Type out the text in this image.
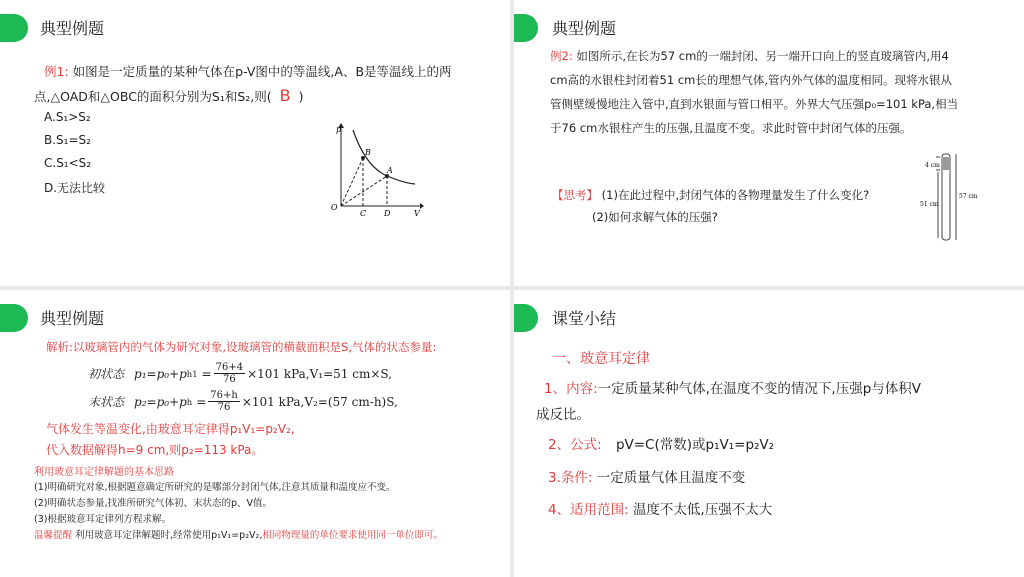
典型例题
例1: 如图是一定质量的某种气体在p-V图中的等温线,A、B是等温线上的两
点,△OAD和△OBC的面积分别为S₁和S₂,则( B )
A.S₁>S₂
B.S₁=S₂
C.S₁<S₂
D.无法比较
p
V
O
B
A
C D
典型例题
例2: 如图所示,在长为57 cm的一端封闭、另一端开口向上的竖直玻璃管内,用4
cm高的水银柱封闭着51 cm长的理想气体,管内外气体的温度相同。现将水银从
管侧壁缓慢地注入管中,直到水银面与管口相平。外界大气压强p₀=101 kPa,相当
于76 cm水银柱产生的压强,且温度不变。求此时管中封闭气体的压强。
【思考】 (1)在此过程中,封闭气体的各物理量发生了什么变化?
(2)如何求解气体的压强?
4 cm
57 cm
51 cm
典型例题
解析:以玻璃管内的气体为研究对象,设玻璃管的横截面积是S,气体的状态参量:
初状态 p₁=p₀+p $h1 = \frac{76+4}{76} \times 101$ kPa,V₁=51 cm×S,
末状态 p₂=p₀+p $h = \frac{76+h}{76} \times 101$ kPa,V₂=(57 cm-h)S,
气体发生等温变化,由玻意耳定律得p₁V₁=p₂V₂,
代入数据解得h=9 cm,则p₂=113 kPa。
利用玻意耳定律解题的基本思路
(1)明确研究对象,根据题意确定所研究的是哪部分封闭气体,注意其质量和温度应不变。
(2)明确状态参量,找准所研究气体初、末状态的p、V值。
(3)根据玻意耳定律列方程求解。
温馨提醒 利用玻意耳定律解题时,经常使用p₁V₁=p₂V₂,相同物理量的单位要求使用同一单位即可。
课堂小结
一、玻意耳定律
1、内容:一定质量某种气体,在温度不变的情况下,压强p与体积V
成反比。
2、公式: pV=C(常数)或p₁V₁=p₂V₂
3.条件: 一定质量气体且温度不变
4、适用范围: 温度不太低,压强不太大
